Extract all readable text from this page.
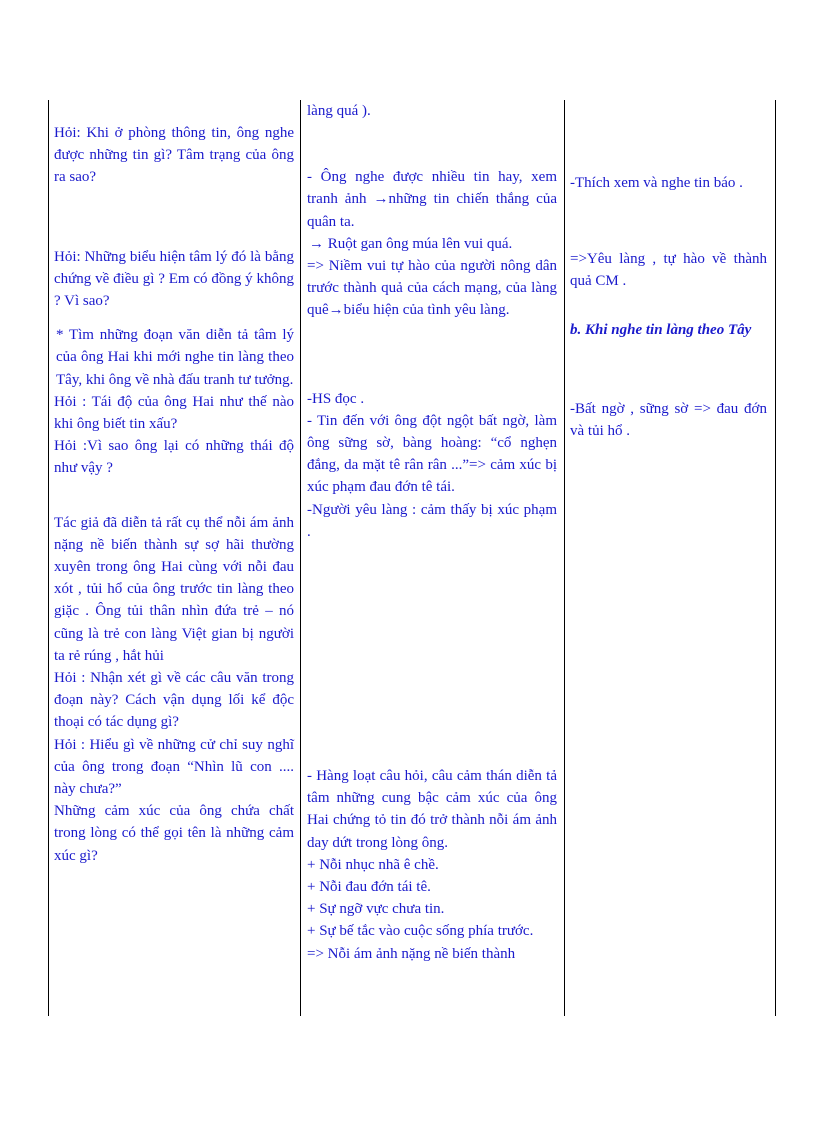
Hỏi: Khi ở phòng thông tin, ông nghe được những tin gì? Tâm trạng của ông ra sao?

Hỏi: Những biểu hiện tâm lý đó là bằng chứng về điều gì ? Em có đồng ý không ? Vì sao?

* Tìm những đoạn văn diễn tả tâm lý của ông Hai khi mới nghe tin làng theo Tây, khi ông về nhà đấu tranh tư tưởng.

Hỏi : Tái độ của ông Hai như thế nào khi ông biết tin xấu?

Hỏi :Vì sao ông lại có những thái độ như vậy ?

Tác giả đã diễn tả rất cụ thể nỗi ám ảnh nặng nề biến thành sự sợ hãi thường xuyên trong ông Hai cùng với nỗi đau xót , tủi hổ của ông trước tin làng theo giặc . Ông tủi thân nhìn đứa trẻ – nó cũng là trẻ con làng Việt gian bị người ta rẻ rúng , hắt hủi

Hỏi : Nhận xét gì về các câu văn trong đoạn này? Cách vận dụng lối kể độc thoại có tác dụng gì?

Hỏi : Hiểu gì về những cử chỉ suy nghĩ của ông trong đoạn “Nhìn lũ con .... này chưa?”

Những cảm xúc của ông chứa chất trong lòng có thể gọi tên là những cảm xúc gì?

làng quá ).

- Ông nghe được nhiều tin hay, xem tranh ảnh →những tin chiến thắng của quân ta.

→ Ruột gan ông múa lên vui quá.

=> Niềm vui tự hào của người nông dân trước thành quả của cách mạng, của làng quê→biểu hiện của tình yêu làng.

-HS đọc .

- Tin đến với ông đột ngột bất ngờ, làm ông sững sờ, bàng hoàng: “cổ nghẹn đắng, da mặt tê rân rân ...”=> cảm xúc bị xúc phạm đau đớn tê tái.

-Người yêu làng : cảm thấy bị xúc phạm .

- Hàng loạt câu hỏi, câu cảm thán diễn tả tâm những cung bậc cảm xúc của ông Hai chứng tỏ tin đó trở thành nỗi ám ảnh day dứt trong lòng ông.

+ Nỗi nhục nhã ê chề.

+ Nỗi đau đớn tái tê.

+ Sự ngỡ vực chưa tin.

+ Sự bế tắc vào cuộc sống phía trước.

=> Nỗi ám ảnh nặng nề biến thành

-Thích xem và nghe tin báo .

=>Yêu làng , tự hào về thành quả CM .

b. Khi nghe tin làng theo Tây

-Bất ngờ , sững sờ => đau đớn và tủi hổ .
